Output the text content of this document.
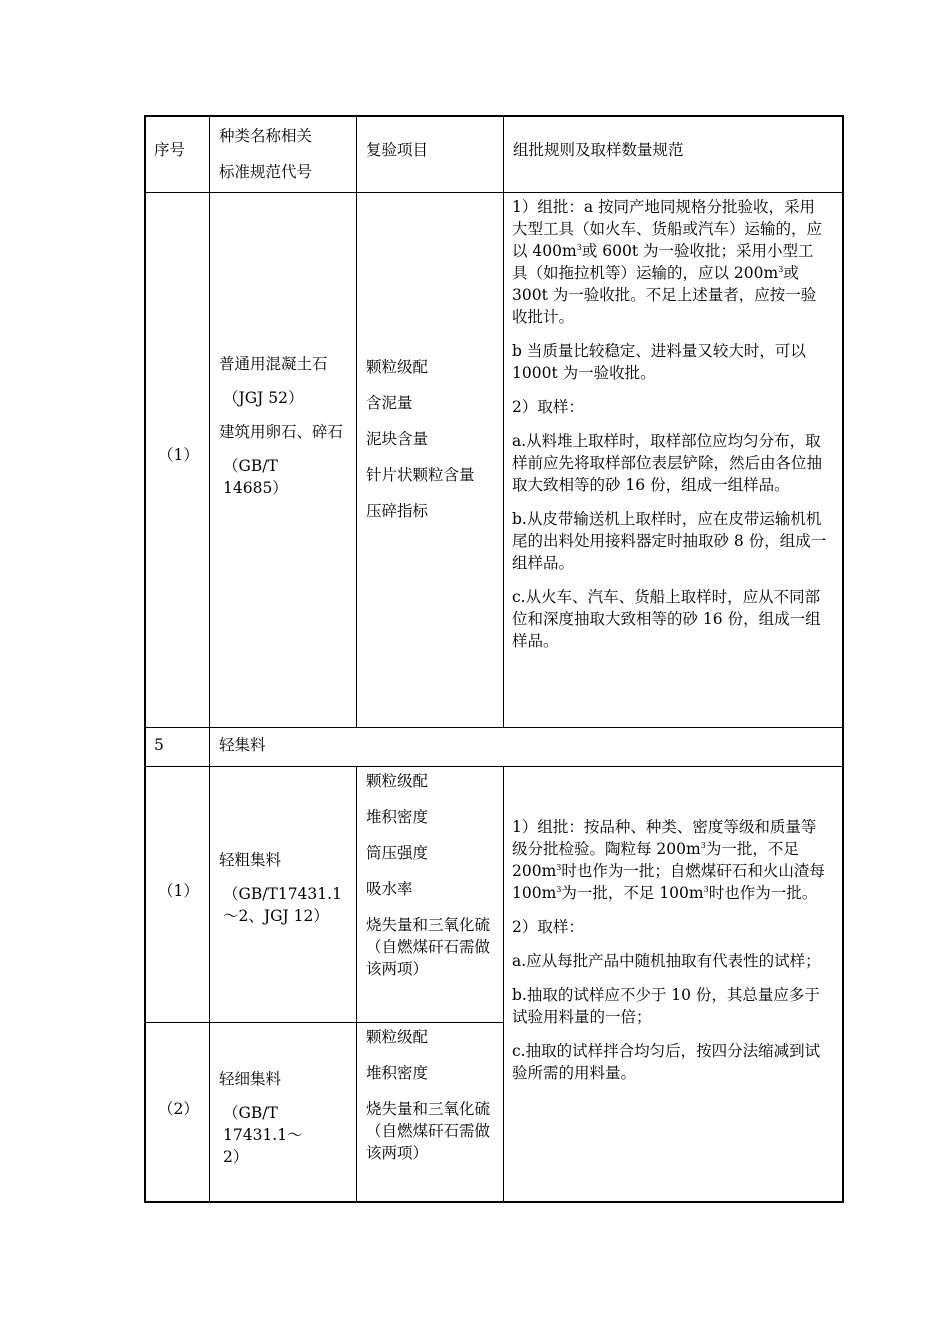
序号
种类名称相关
标准规范代号
复验项目	组批规则及取样数量规范
（1）

普通用混凝土石

（JGJ 52）

建筑用卵石、碎石

（GB/T 14685）

颗粒级配

含泥量

泥块含量

针片状颗粒含量

压碎指标

1）组批：a 按同产地同规格分批验收，采用大型工具（如火车、货船或汽车）运输的，应以 $400m^3$或 600t 为一验收批；采用小型工具（如拖拉机等）运输的，应以 $200m^3$或 300t 为一验收批。不足上述量者，应按一验收批计。

b 当质量比较稳定、进料量又较大时，可以 1000t 为一验收批。

2）取样：

a.从料堆上取样时，取样部位应均匀分布，取样前应先将取样部位表层铲除，然后由各位抽取大致相等的砂 16 份，组成一组样品。

b.从皮带输送机上取样时，应在皮带运输机机尾的出料处用接料器定时抽取砂 8 份，组成一组样品。

c.从火车、汽车、货船上取样时，应从不同部位和深度抽取大致相等的砂 16 份，组成一组样品。

5	轻集料
（1）

轻粗集料

（GB/T17431.1～2、JGJ 12）

颗粒级配

堆积密度

筒压强度

吸水率

烧失量和三氧化硫（自燃煤矸石需做该两项）

（2）

轻细集料

（GB/T 17431.1～2）

颗粒级配

堆积密度

烧失量和三氧化硫（自燃煤矸石需做该两项）

1）组批：按品种、种类、密度等级和质量等级分批检验。陶粒每 $200m^3$为一批，不足 $200m^3$时也作为一批；自燃煤矸石和火山渣每 $100m^3$为一批，不足 $100m^3$时也作为一批。

2）取样：

a.应从每批产品中随机抽取有代表性的试样；

b.抽取的试样应不少于 10 份，其总量应多于试验用料量的一倍；

c.抽取的试样拌合均匀后，按四分法缩减到试验所需的用料量。
